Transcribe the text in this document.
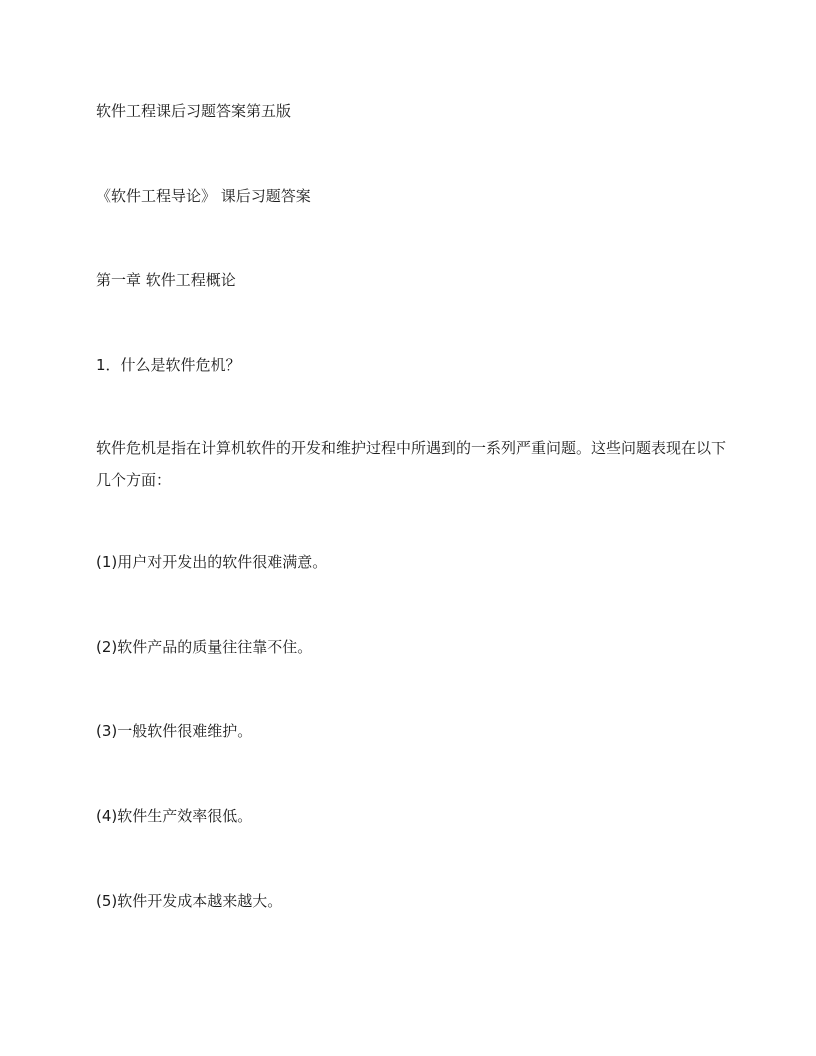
软件工程课后习题答案第五版
《软件工程导论》 课后习题答案
第一章 软件工程概论
1．什么是软件危机？
软件危机是指在计算机软件的开发和维护过程中所遇到的一系列严重问题。这些问题表现在以下几个方面：
(1)用户对开发出的软件很难满意。
(2)软件产品的质量往往靠不住。
(3)一般软件很难维护。
(4)软件生产效率很低。
(5)软件开发成本越来越大。
